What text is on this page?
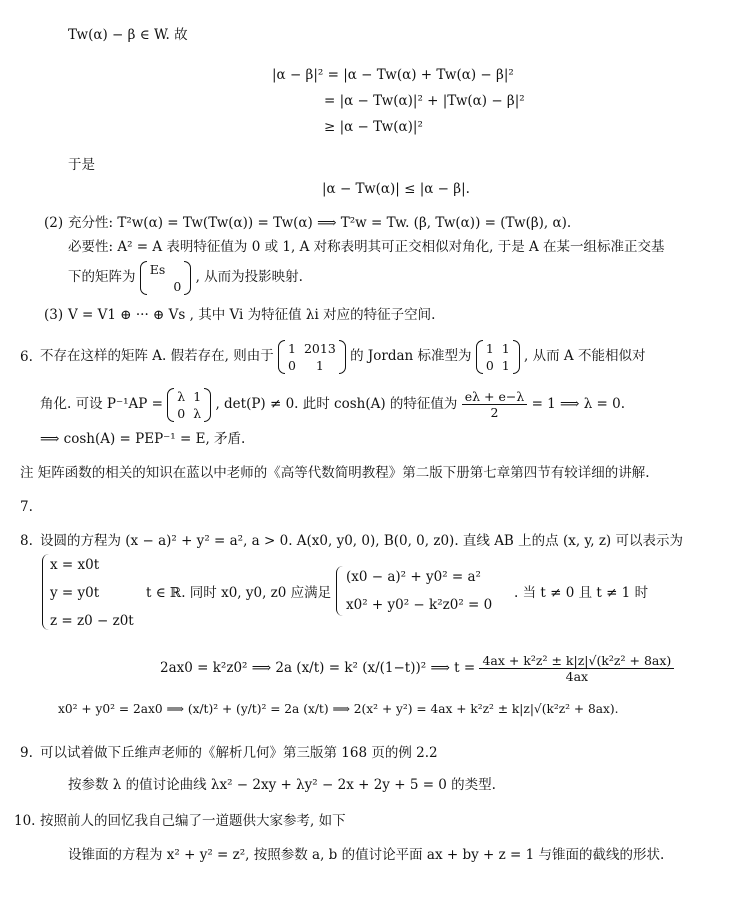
Tw(α) − β ∈ W. 故
|α − β|² = |α − Tw(α) + Tw(α) − β|²
= |α − Tw(α)|² + |Tw(α) − β|²
≥ |α − Tw(α)|²
于是
|α − Tw(α)| ≤ |α − β|.
(2) 充分性: T²w(α) = Tw(Tw(α)) = Tw(α) ⟹ T²w = Tw. (β, Tw(α)) = (Tw(β), α).
必要性: A² = A 表明特征值为 0 或 1, A 对称表明其可正交相似对角化, 于是 A 在某一组标准正交基
下的矩阵为 Es	
	0
, 从而为投影映射.
(3) V = V1 ⊕ ··· ⊕ Vs , 其中 Vi 为特征值 λi 对应的特征子空间.
6. 不存在这样的矩阵 A. 假若存在, 则由于 1	2013
0	1
的 Jordan 标准型为 1	1
0	1
, 从而 A 不能相似对
角化. 可设 P⁻¹AP = λ	1
0	λ
, det(P) ≠ 0. 此时 cosh(A) 的特征值为 $\frac{e\lambda + e-\lambda}{2} = 1$ ⟹ λ = 0.
⟹ cosh(A) = PEP⁻¹ = E, 矛盾.
注 矩阵函数的相关的知识在蓝以中老师的《高等代数简明教程》第二版下册第七章第四节有较详细的讲解.
7.
8. 设圆的方程为 (x − a)² + y² = a², a > 0. A(x0, y0, 0), B(0, 0, z0). 直线 AB 上的点 (x, y, z) 可以表示为
x = x0t
y = y0t
z = z0 − z0t
t ∈ ℝ. 同时 x0, y0, z0 应满足
(x0 − a)² + y0² = a²
x0² + y0² − k²z0² = 0
. 当 t ≠ 0 且 t ≠ 1 时
2ax0 = k²z0² ⟹ 2a (x/t) = k² (x/(1−t))² ⟹ $t = \frac{\text{4ax + k²z² ± k|z|√(k²z² + 8ax)}}{4ax}$
x0² + y0² = 2ax0 ⟹ (x/t)² + (y/t)² = 2a (x/t) ⟹ 2(x² + y²) = 4ax + k²z² ± k|z|√(k²z² + 8ax).
9. 可以试着做下丘维声老师的《解析几何》第三版第 168 页的例 2.2
按参数 λ 的值讨论曲线 λx² − 2xy + λy² − 2x + 2y + 5 = 0 的类型.
10. 按照前人的回忆我自己编了一道题供大家参考, 如下
设锥面的方程为 x² + y² = z², 按照参数 a, b 的值讨论平面 ax + by + z = 1 与锥面的截线的形状.
